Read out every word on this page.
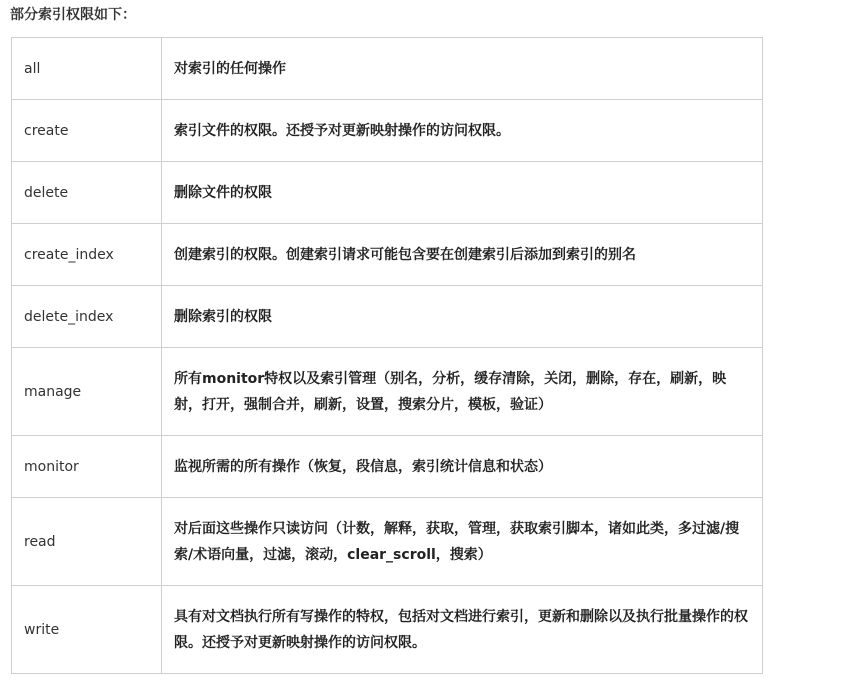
部分索引权限如下：
all	对索引的任何操作
create	索引文件的权限。还授予对更新映射操作的访问权限。
delete	删除文件的权限
create_index	创建索引的权限。创建索引请求可能包含要在创建索引后添加到索引的别名
delete_index	删除索引的权限
manage	所有monitor特权以及索引管理（别名，分析，缓存清除，关闭，删除，存在，刷新，映射，打开，强制合并，刷新，设置，搜索分片，模板，验证）
monitor	监视所需的所有操作（恢复，段信息，索引统计信息和状态）
read	对后面这些操作只读访问（计数，解释，获取，管理，获取索引脚本，诸如此类，多过滤/搜索/术语向量，过滤，滚动，clear_scroll，搜索）
write	具有对文档执行所有写操作的特权，包括对文档进行索引，更新和删除以及执行批量操作的权限。还授予对更新映射操作的访问权限。
